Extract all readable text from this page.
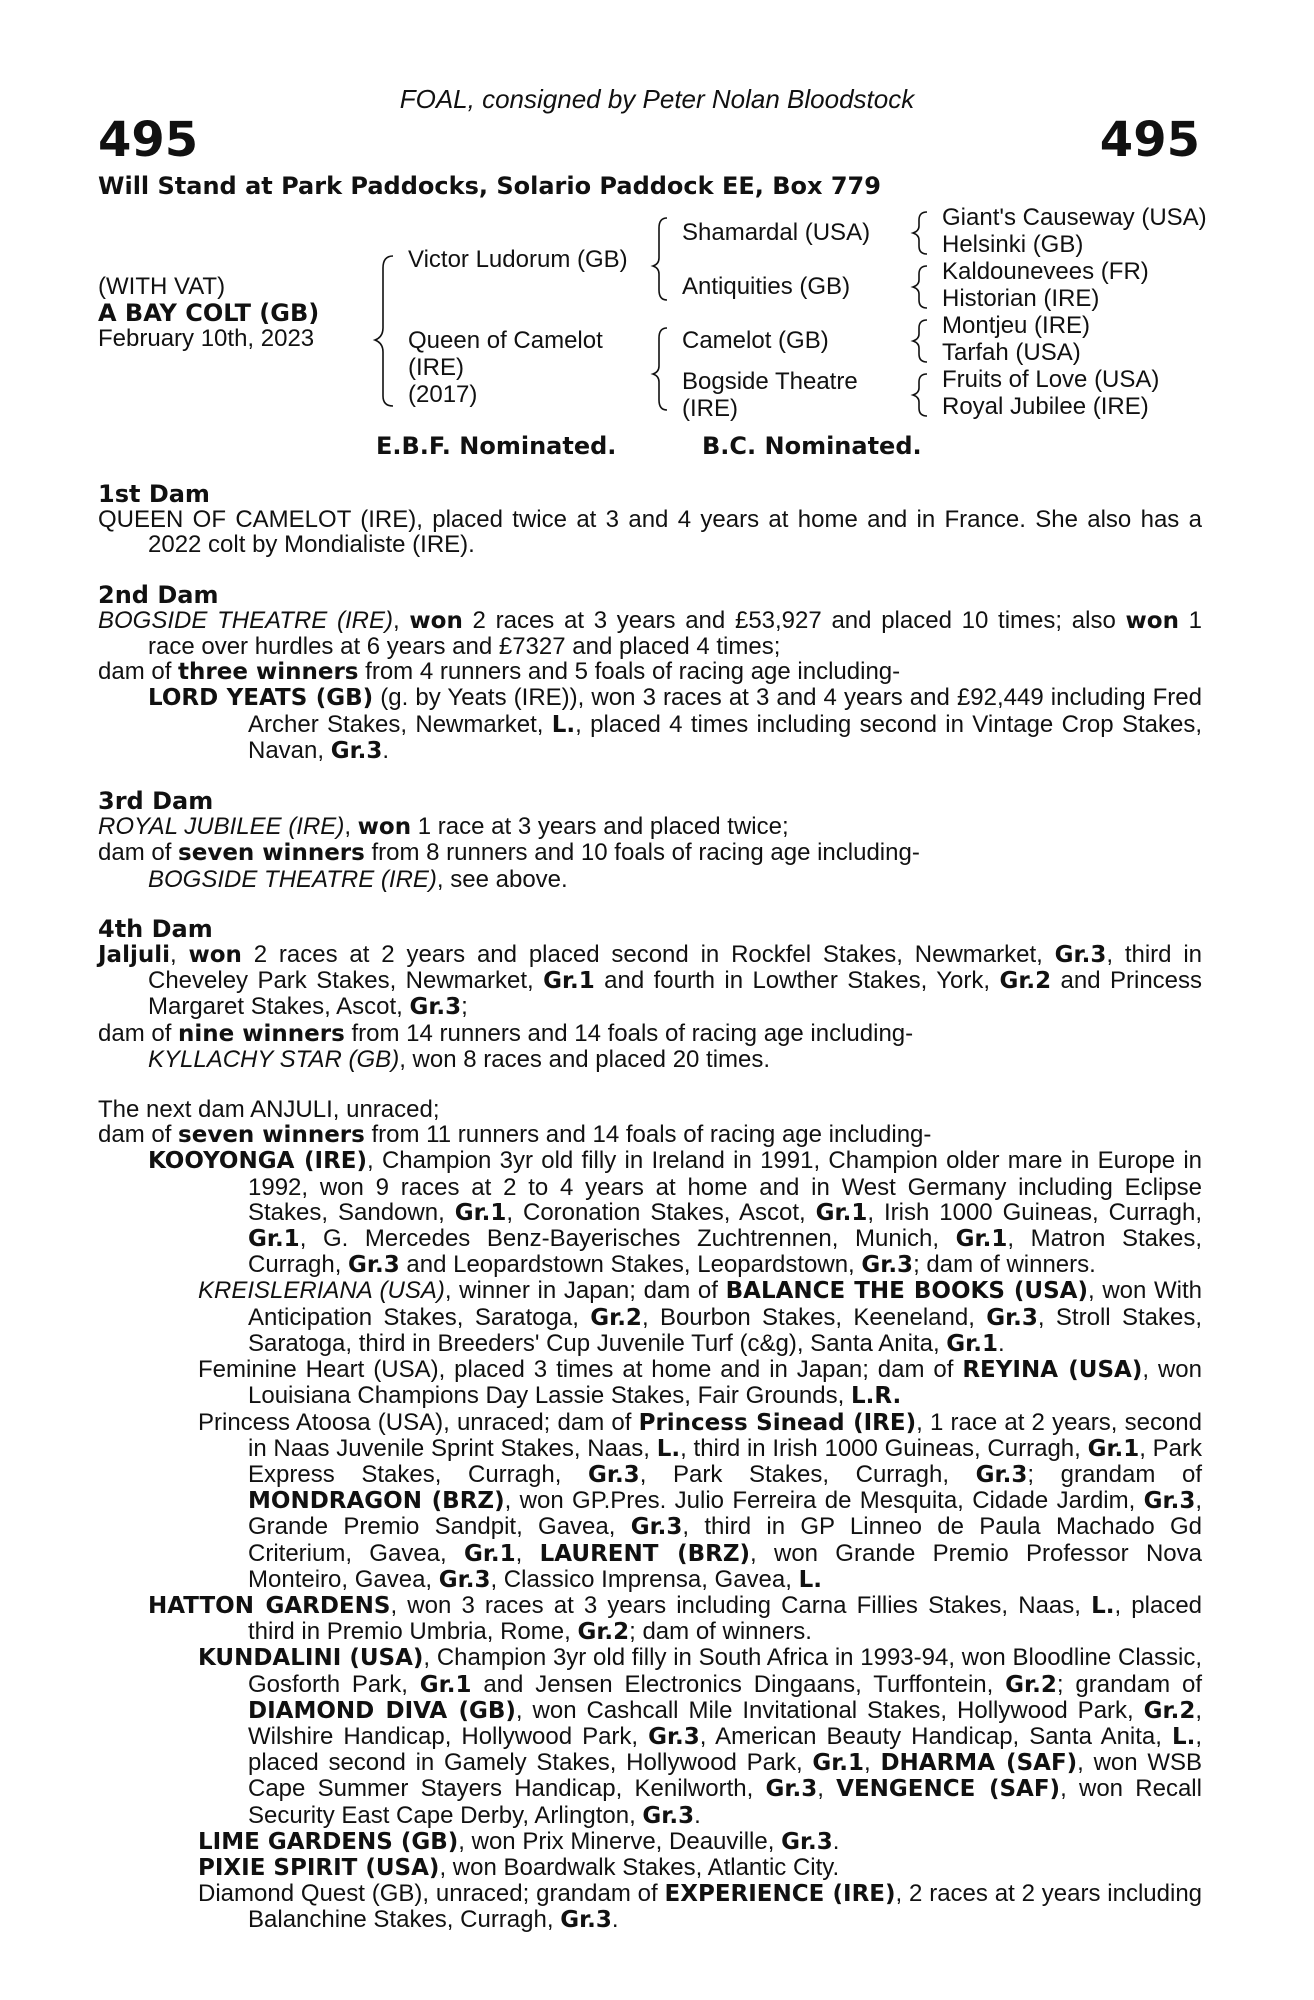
FOAL, consigned by Peter Nolan Bloodstock
495	495
Will Stand at Park Paddocks, Solario Paddock EE, Box 779
(WITH VAT)
A BAY COLT (GB)
February 10th, 2023
Victor Ludorum (GB)
Queen of Camelot
(IRE)
(2017)
Shamardal (USA)
Antiquities (GB)
Camelot (GB)
Bogside Theatre
(IRE)
Giant's Causeway (USA)
Helsinki (GB)
Kaldounevees (FR)
Historian (IRE)
Montjeu (IRE)
Tarfah (USA)
Fruits of Love (USA)
Royal Jubilee (IRE)
E.B.F. Nominated.	B.C. Nominated.

1st Dam

QUEEN OF CAMELOT (IRE), placed twice at 3 and 4 years at home and in France. She also has a 2022 colt by Mondialiste (IRE).

2nd Dam

BOGSIDE THEATRE (IRE), won 2 races at 3 years and £53,927 and placed 10 times; also won 1 race over hurdles at 6 years and £7327 and placed 4 times;

dam of three winners from 4 runners and 5 foals of racing age including-

LORD YEATS (GB) (g. by Yeats (IRE)), won 3 races at 3 and 4 years and £92,449 including Fred Archer Stakes, Newmarket, L., placed 4 times including second in Vintage Crop Stakes, Navan, Gr.3.

3rd Dam

ROYAL JUBILEE (IRE), won 1 race at 3 years and placed twice;

dam of seven winners from 8 runners and 10 foals of racing age including-

BOGSIDE THEATRE (IRE), see above.

4th Dam

Jaljuli, won 2 races at 2 years and placed second in Rockfel Stakes, Newmarket, Gr.3, third in Cheveley Park Stakes, Newmarket, Gr.1 and fourth in Lowther Stakes, York, Gr.2 and Princess Margaret Stakes, Ascot, Gr.3;

dam of nine winners from 14 runners and 14 foals of racing age including-

KYLLACHY STAR (GB), won 8 races and placed 20 times.

The next dam ANJULI, unraced;

dam of seven winners from 11 runners and 14 foals of racing age including-

KOOYONGA (IRE), Champion 3yr old filly in Ireland in 1991, Champion older mare in Europe in 1992, won 9 races at 2 to 4 years at home and in West Germany including Eclipse Stakes, Sandown, Gr.1, Coronation Stakes, Ascot, Gr.1, Irish 1000 Guineas, Curragh, Gr.1, G. Mercedes Benz-Bayerisches Zuchtrennen, Munich, Gr.1, Matron Stakes, Curragh, Gr.3 and Leopardstown Stakes, Leopardstown, Gr.3; dam of winners.

KREISLERIANA (USA), winner in Japan; dam of BALANCE THE BOOKS (USA), won With Anticipation Stakes, Saratoga, Gr.2, Bourbon Stakes, Keeneland, Gr.3, Stroll Stakes, Saratoga, third in Breeders' Cup Juvenile Turf (c&g), Santa Anita, Gr.1.

Feminine Heart (USA), placed 3 times at home and in Japan; dam of REYINA (USA), won Louisiana Champions Day Lassie Stakes, Fair Grounds, L.R.

Princess Atoosa (USA), unraced; dam of Princess Sinead (IRE), 1 race at 2 years, second in Naas Juvenile Sprint Stakes, Naas, L., third in Irish 1000 Guineas, Curragh, Gr.1, Park Express Stakes, Curragh, Gr.3, Park Stakes, Curragh, Gr.3; grandam of MONDRAGON (BRZ), won GP.Pres. Julio Ferreira de Mesquita, Cidade Jardim, Gr.3, Grande Premio Sandpit, Gavea, Gr.3, third in GP Linneo de Paula Machado Gd Criterium, Gavea, Gr.1, LAURENT (BRZ), won Grande Premio Professor Nova Monteiro, Gavea, Gr.3, Classico Imprensa, Gavea, L.

HATTON GARDENS, won 3 races at 3 years including Carna Fillies Stakes, Naas, L., placed third in Premio Umbria, Rome, Gr.2; dam of winners.

KUNDALINI (USA), Champion 3yr old filly in South Africa in 1993-94, won Bloodline Classic, Gosforth Park, Gr.1 and Jensen Electronics Dingaans, Turffontein, Gr.2; grandam of DIAMOND DIVA (GB), won Cashcall Mile Invitational Stakes, Hollywood Park, Gr.2, Wilshire Handicap, Hollywood Park, Gr.3, American Beauty Handicap, Santa Anita, L., placed second in Gamely Stakes, Hollywood Park, Gr.1, DHARMA (SAF), won WSB Cape Summer Stayers Handicap, Kenilworth, Gr.3, VENGENCE (SAF), won Recall Security East Cape Derby, Arlington, Gr.3.

LIME GARDENS (GB), won Prix Minerve, Deauville, Gr.3.

PIXIE SPIRIT (USA), won Boardwalk Stakes, Atlantic City.

Diamond Quest (GB), unraced; grandam of EXPERIENCE (IRE), 2 races at 2 years including Balanchine Stakes, Curragh, Gr.3.
